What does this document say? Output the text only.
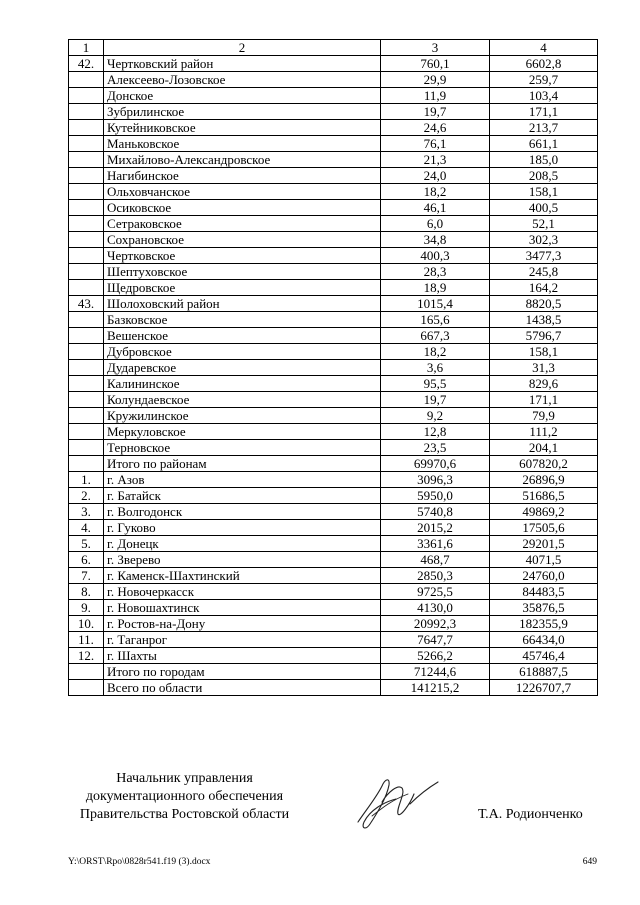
1	2	3	4
42.	Чертковский район	760,1	6602,8
	Алексеево-Лозовское	29,9	259,7
	Донское	11,9	103,4
	Зубрилинское	19,7	171,1
	Кутейниковское	24,6	213,7
	Маньковское	76,1	661,1
	Михайлово-Александровское	21,3	185,0
	Нагибинское	24,0	208,5
	Ольховчанское	18,2	158,1
	Осиковское	46,1	400,5
	Сетраковское	6,0	52,1
	Сохрановское	34,8	302,3
	Чертковское	400,3	3477,3
	Шептуховское	28,3	245,8
	Щедровское	18,9	164,2
43.	Шолоховский район	1015,4	8820,5
	Базковское	165,6	1438,5
	Вешенское	667,3	5796,7
	Дубровское	18,2	158,1
	Дударевское	3,6	31,3
	Калининское	95,5	829,6
	Колундаевское	19,7	171,1
	Кружилинское	9,2	79,9
	Меркуловское	12,8	111,2
	Терновское	23,5	204,1
	Итого по районам	69970,6	607820,2
1.	г. Азов	3096,3	26896,9
2.	г. Батайск	5950,0	51686,5
3.	г. Волгодонск	5740,8	49869,2
4.	г. Гуково	2015,2	17505,6
5.	г. Донецк	3361,6	29201,5
6.	г. Зверево	468,7	4071,5
7.	г. Каменск-Шахтинский	2850,3	24760,0
8.	г. Новочеркасск	9725,5	84483,5
9.	г. Новошахтинск	4130,0	35876,5
10.	г. Ростов-на-Дону	20992,3	182355,9
11.	г. Таганрог	7647,7	66434,0
12.	г. Шахты	5266,2	45746,4
	Итого по городам	71244,6	618887,5
	Всего по области	141215,2	1226707,7
Начальник управления
документационного обеспечения
Правительства Ростовской области	Т.А. Родионченко
Y:\ORST\Rpo\0828r541.f19 (3).docx	649
